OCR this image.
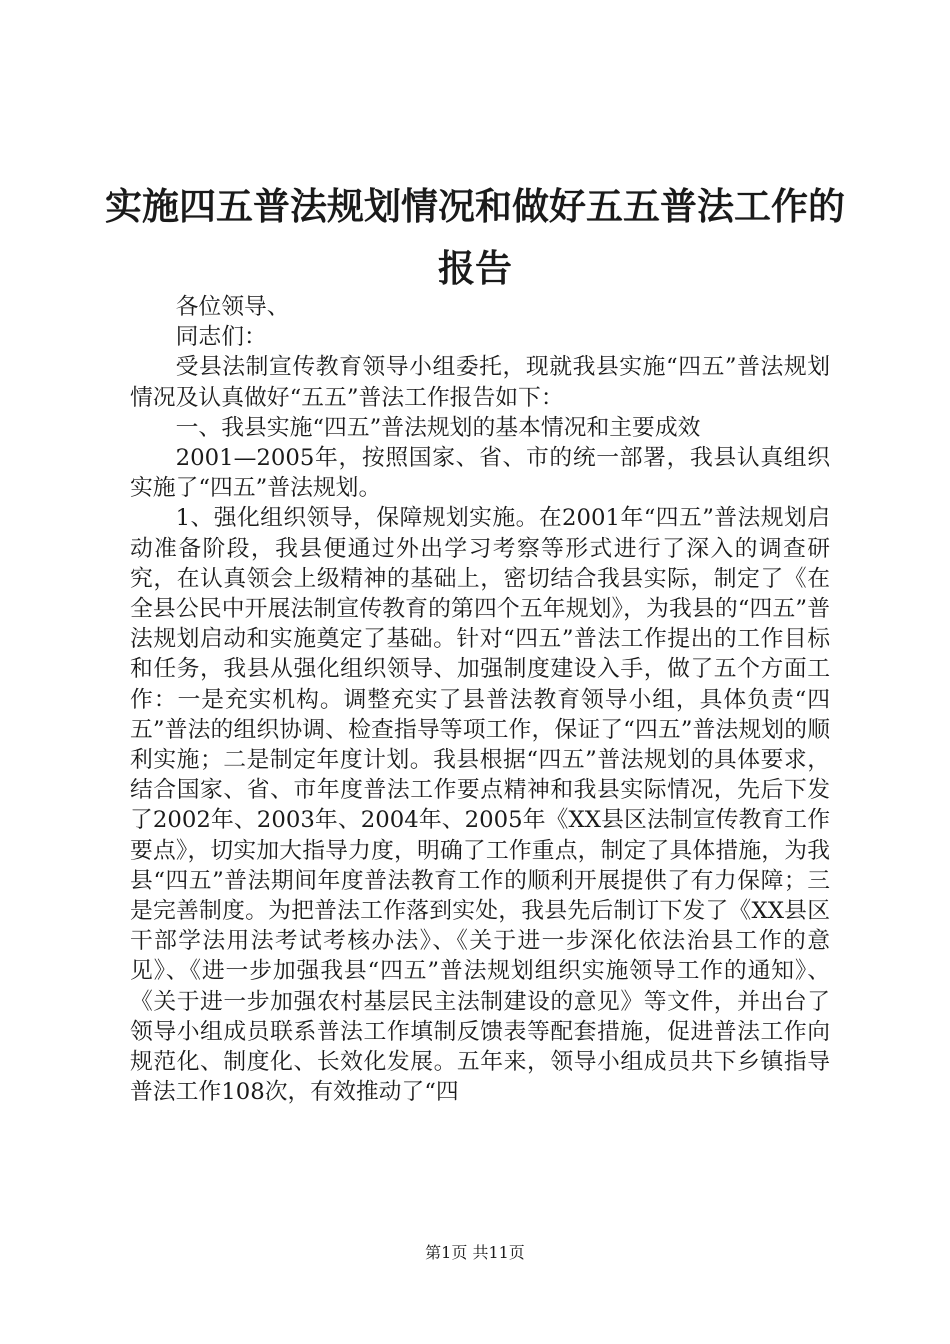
实施四五普法规划情况和做好五五普法工作的
报告

各位领导、

同志们：

受县法制宣传教育领导小组委托，现就我县实施“四五”普法规划情况及认真做好“五五”普法工作报告如下：

一、我县实施“四五”普法规划的基本情况和主要成效

2001—2005年，按照国家、省、市的统一部署，我县认真组织实施了“四五”普法规划。

1、强化组织领导，保障规划实施。在2001年“四五”普法规划启动准备阶段，我县便通过外出学习考察等形式进行了深入的调查研究，在认真领会上级精神的基础上，密切结合我县实际，制定了《在全县公民中开展法制宣传教育的第四个五年规划》，为我县的“四五”普法规划启动和实施奠定了基础。针对“四五”普法工作提出的工作目标和任务，我县从强化组织领导、加强制度建设入手，做了五个方面工作：一是充实机构。调整充实了县普法教育领导小组，具体负责“四五”普法的组织协调、检查指导等项工作，保证了“四五”普法规划的顺利实施；二是制定年度计划。我县根据“四五”普法规划的具体要求，结合国家、省、市年度普法工作要点精神和我县实际情况，先后下发了2002年、2003年、2004年、2005年《XX县区法制宣传教育工作要点》，切实加大指导力度，明确了工作重点，制定了具体措施，为我县“四五”普法期间年度普法教育工作的顺利开展提供了有力保障；三是完善制度。为把普法工作落到实处，我县先后制订下发了《XX县区干部学法用法考试考核办法》、《关于进一步深化依法治县工作的意见》、《进一步加强我县“四五”普法规划组织实施领导工作的通知》、《关于进一步加强农村基层民主法制建设的意见》等文件，并出台了领导小组成员联系普法工作填制反馈表等配套措施，促进普法工作向规范化、制度化、长效化发展。五年来，领导小组成员共下乡镇指导普法工作108次，有效推动了“四

第1页 共11页
